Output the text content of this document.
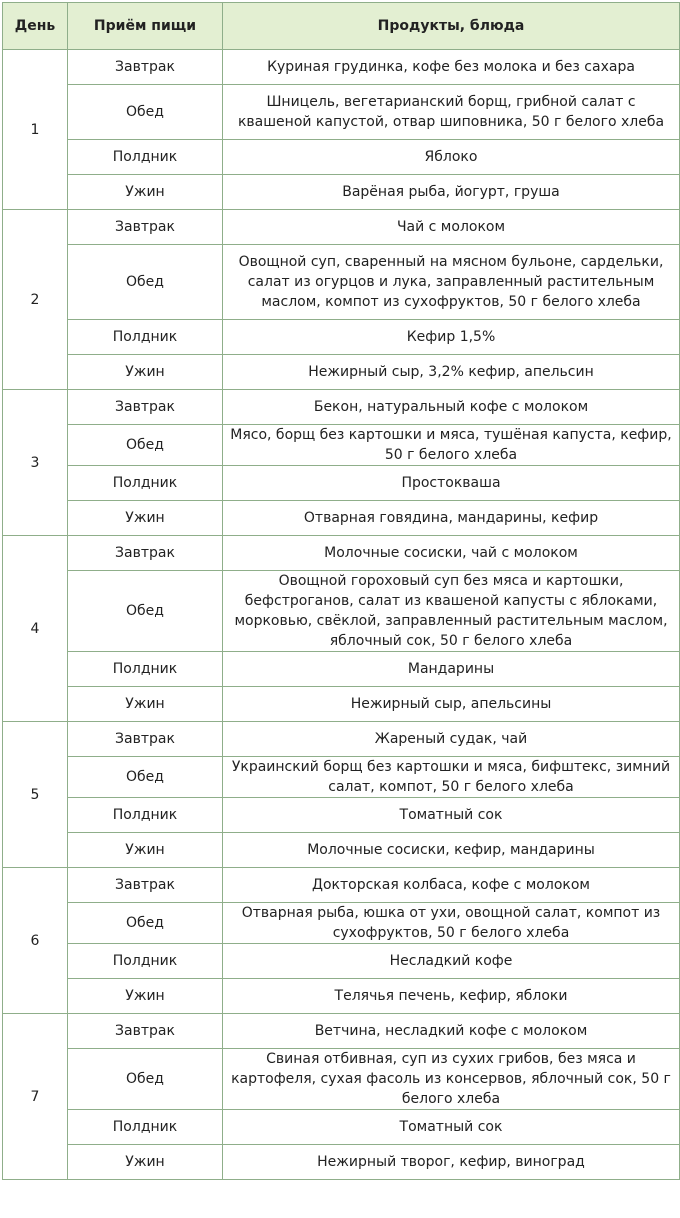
День	Приём пищи	Продукты, блюда
1	Завтрак	Куриная грудинка, кофе без молока и без сахара
	Обед	Шницель, вегетарианский борщ, грибной салат с квашеной капустой, отвар шиповника, 50 г белого хлеба
	Полдник	Яблоко
	Ужин	Варёная рыба, йогурт, груша
2	Завтрак	Чай с молоком
	Обед	Овощной суп, сваренный на мясном бульоне, сардельки, салат из огурцов и лука, заправленный растительным маслом, компот из сухофруктов, 50 г белого хлеба
	Полдник	Кефир 1,5%
	Ужин	Нежирный сыр, 3,2% кефир, апельсин
3	Завтрак	Бекон, натуральный кофе с молоком
	Обед	Мясо, борщ без картошки и мяса, тушёная капуста, кефир, 50 г белого хлеба
	Полдник	Простокваша
	Ужин	Отварная говядина, мандарины, кефир
4	Завтрак	Молочные сосиски, чай с молоком
	Обед	Овощной гороховый суп без мяса и картошки, бефстроганов, салат из квашеной капусты с яблоками, морковью, свёклой, заправленный растительным маслом, яблочный сок, 50 г белого хлеба
	Полдник	Мандарины
	Ужин	Нежирный сыр, апельсины
5	Завтрак	Жареный судак, чай
	Обед	Украинский борщ без картошки и мяса, бифштекс, зимний салат, компот, 50 г белого хлеба
	Полдник	Томатный сок
	Ужин	Молочные сосиски, кефир, мандарины
6	Завтрак	Докторская колбаса, кофе с молоком
	Обед	Отварная рыба, юшка от ухи, овощной салат, компот из сухофруктов, 50 г белого хлеба
	Полдник	Несладкий кофе
	Ужин	Телячья печень, кефир, яблоки
7	Завтрак	Ветчина, несладкий кофе с молоком
	Обед	Свиная отбивная, суп из сухих грибов, без мяса и картофеля, сухая фасоль из консервов, яблочный сок, 50 г белого хлеба
	Полдник	Томатный сок
	Ужин	Нежирный творог, кефир, виноград
